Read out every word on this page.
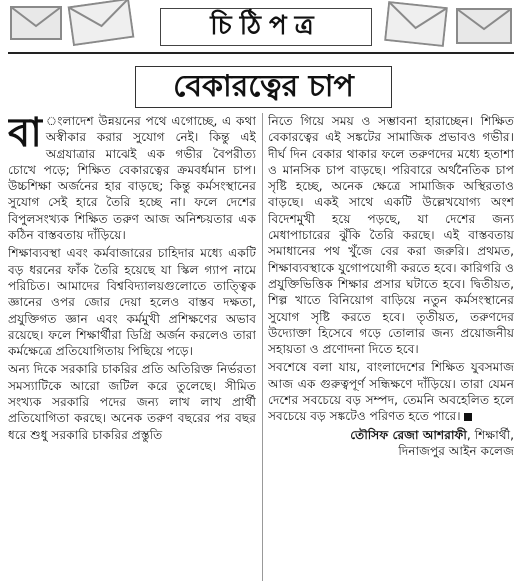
চিঠিপত্র
বেকারত্বের চাপ
বা ংলাদেশ উন্নয়নের পথে এগোচ্ছে, এ কথা অস্বীকার করার সুযোগ নেই। কিন্তু এই অগ্রযাত্রার মাঝেই এক গভীর বৈপরীত্য চোখে পড়ে; শিক্ষিত বেকারত্বের ক্রমবর্ধমান চাপ। উচ্চশিক্ষা অর্জনের হার বাড়ছে; কিন্তু কর্মসংস্থানের সুযোগ সেই হারে তৈরি হচ্ছে না। ফলে দেশের বিপুলসংখ্যক শিক্ষিত তরুণ আজ অনিশ্চয়তার এক কঠিন বাস্তবতায় দাঁড়িয়ে।

শিক্ষাব্যবস্থা এবং কর্মবাজারের চাহিদার মধ্যে একটি বড় ধরনের ফাঁক তৈরি হয়েছে যা স্কিল গ্যাপ নামে পরিচিত। আমাদের বিশ্ববিদ্যালয়গুলোতে তাত্ত্বিক জ্ঞানের ওপর জোর দেয়া হলেও বাস্তব দক্ষতা, প্রযুক্তিগত জ্ঞান এবং কর্মমুখী প্রশিক্ষণের অভাব রয়েছে। ফলে শিক্ষার্থীরা ডিগ্রি অর্জন করলেও তারা কর্মক্ষেত্রে প্রতিযোগিতায় পিছিয়ে পড়ে।

অন্য দিকে সরকারি চাকরির প্রতি অতিরিক্ত নির্ভরতা সমস্যাটিকে আরো জটিল করে তুলেছে। সীমিত সংখ্যক সরকারি পদের জন্য লাখ লাখ প্রার্থী প্রতিযোগিতা করছে। অনেক তরুণ বছরের পর বছর ধরে শুধু সরকারি চাকরির প্রস্তুতি

নিতে গিয়ে সময় ও সম্ভাবনা হারাচ্ছেন। শিক্ষিত বেকারত্বের এই সঙ্কটের সামাজিক প্রভাবও গভীর। দীর্ঘ দিন বেকার থাকার ফলে তরুণদের মধ্যে হতাশা ও মানসিক চাপ বাড়ছে। পরিবারে অর্থনৈতিক চাপ সৃষ্টি হচ্ছে, অনেক ক্ষেত্রে সামাজিক অস্থিরতাও বাড়ছে। একই সাথে একটি উল্লেখযোগ্য অংশ বিদেশমুখী হয়ে পড়ছে, যা দেশের জন্য মেধাপাচারের ঝুঁকি তৈরি করছে। এই বাস্তবতায় সমাধানের পথ খুঁজে বের করা জরুরি। প্রথমত, শিক্ষাব্যবস্থাকে যুগোপযোগী করতে হবে। কারিগরি ও প্রযুক্তিভিত্তিক শিক্ষার প্রসার ঘটাতে হবে। দ্বিতীয়ত, শিল্প খাতে বিনিয়োগ বাড়িয়ে নতুন কর্মসংস্থানের সুযোগ সৃষ্টি করতে হবে। তৃতীয়ত, তরুণদের উদ্যোক্তা হিসেবে গড়ে তোলার জন্য প্রয়োজনীয় সহায়তা ও প্রণোদনা দিতে হবে।

সবশেষে বলা যায়, বাংলাদেশের শিক্ষিত যুবসমাজ আজ এক গুরুত্বপূর্ণ সন্ধিক্ষণে দাঁড়িয়ে। তারা যেমন দেশের সবচেয়ে বড় সম্পদ, তেমনি অবহেলিত হলে সবচেয়ে বড় সঙ্কটেও পরিণত হতে পারে।

তৌসিফ রেজা আশরাফী, শিক্ষার্থী,
দিনাজপুর আইন কলেজ
